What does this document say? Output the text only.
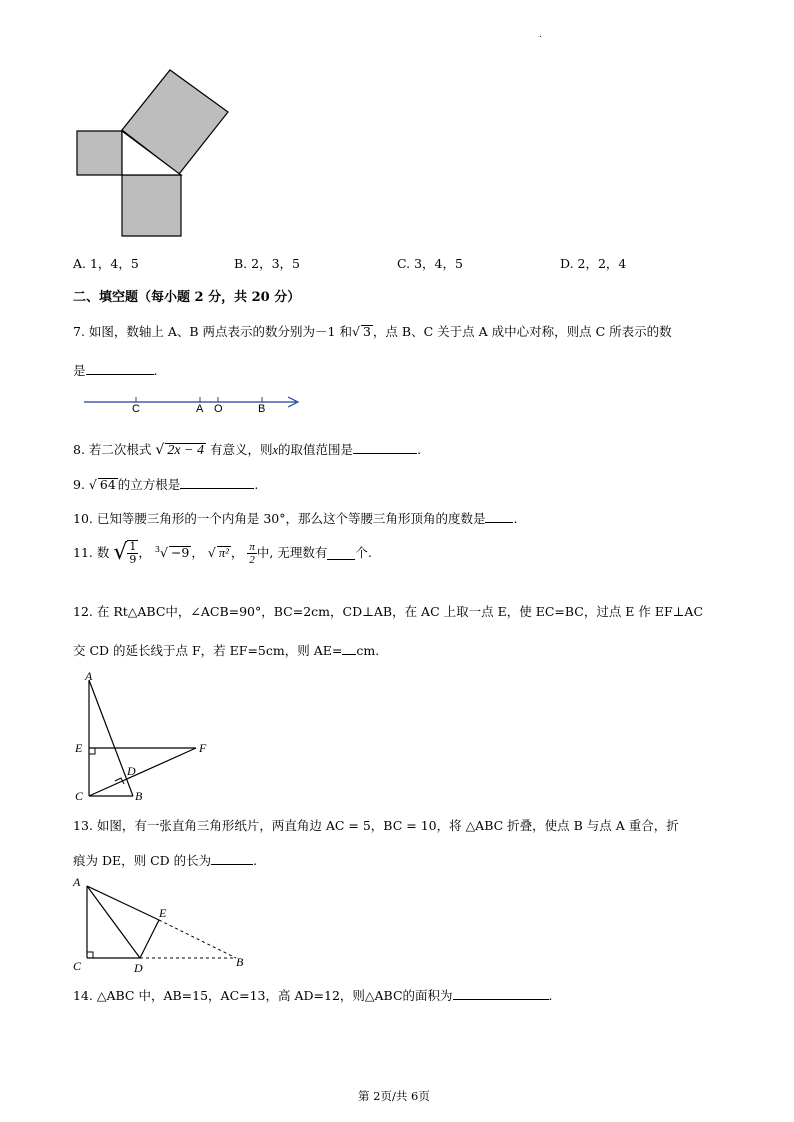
.
A. 1，4，5	B. 2，3，5	C. 3，4，5	D. 2，2，4
二、填空题（每小题 2 分，共 20 分）
7. 如图，数轴上 A、B 两点表示的数分别为－1 和√ 3 ，点 B、C 关于点 A 成中心对称，则点 C 所表示的数
是	.
C	A O	B
8. 若二次根式 √ 2x − 4 有意义，则x的取值范围是	.
9. √ 64 的立方根是	.
10. 已知等腰三角形的一个内角是 30°，那么这个等腰三角形顶角的度数是 .
11. 数 √ $\frac{1}{9}$ ， $^3$√ −9 ， √ π² ， $\frac{\pi}{2}$ 中, 无理数有 个.
12. 在 Rt△ABC中，∠ACB=90°，BC=2cm，CD⊥AB，在 AC 上取一点 E，使 EC=BC，过点 E 作 EF⊥AC
交 CD 的延长线于点 F，若 EF=5cm，则 AE= cm.
A
E	F
D
C	B
13. 如图，有一张直角三角形纸片，两直角边 AC = 5，BC = 10，将 △ABC 折叠，使点 B 与点 A 重合，折
痕为 DE，则 CD 的长为	.
A
E
C	D	B
14. △ABC 中，AB=15，AC=13，高 AD=12，则△ABC的面积为	.
第 2页/共 6页
